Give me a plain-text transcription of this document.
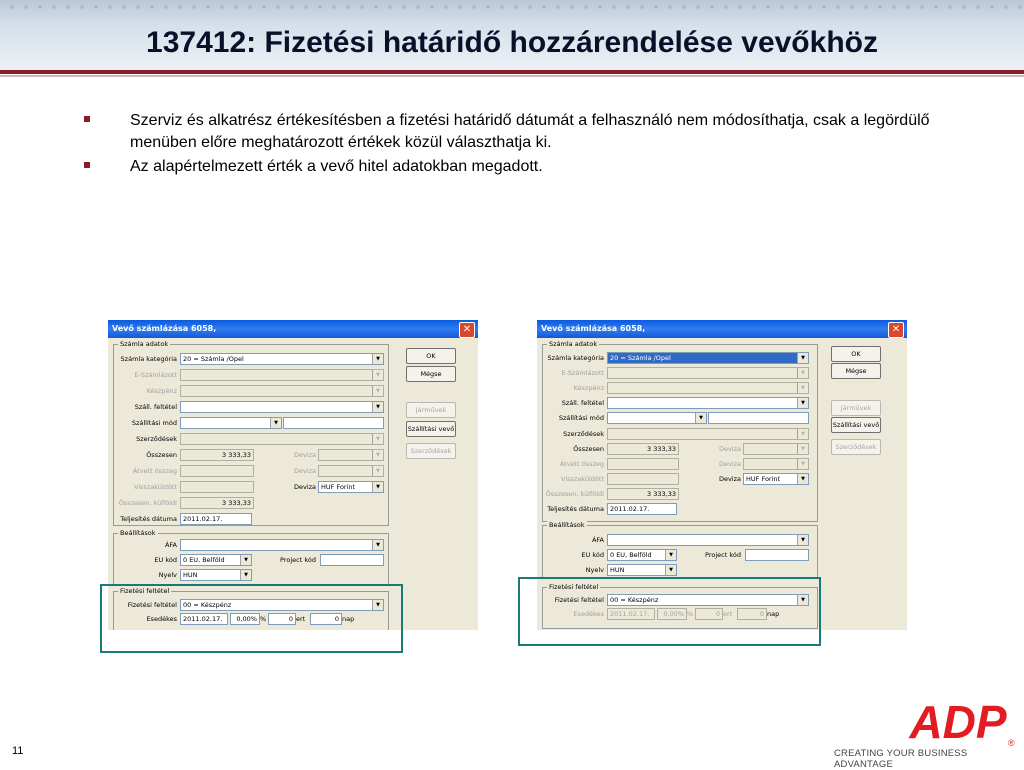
137412: Fizetési határidő hozzárendelése vevőkhöz
Szerviz és alkatrész értékesítésben a fizetési határidő dátumát a felhasználó nem módosíthatja, csak a legördülő menüben előre meghatározott értékek közül választhatja ki.
Az alapértelmezett érték a vevő hitel adatokban megadott.
Vevő számlázása 6058,	✕
Számla adatok
Számla kategória 20 = Számla /Opel	▼
E-Számlázott	▼
Készpénz	▼
Száll. feltétel	▼
Szállítási mód	▼
Szerződések	▼
Összesen	3 333,33	Deviza	▼
Átvett összeg	Deviza	▼
Visszaküldött	Deviza HUF Forint	▼
Összesen, külföldi	3 333,33
Teljesítés dátuma 2011.02.17.
Beállítások
ÁFA	▼
EU kód 0 EU, Belföld	▼	Project kód
Nyelv HUN	▼
Fizetési feltétel
Fizetési feltétel 00 = Készpénz	▼
Esedékes 2011.02.17.	0,00% %	0 ert	0 nap
OK
Mégse
Járművek
Szállítási vevő
Szerződések
Vevő számlázása 6058,	✕
Számla adatok
Számla kategória 20 = Számla /Opel	▼
E-Számlázott	▼
Készpénz	▼
Száll. feltétel	▼
Szállítási mód	▼
Szerződések	▼
Összesen	3 333,33	Deviza	▼
Átvett összeg	Deviza	▼
Visszaküldött	Deviza HUF Forint	▼
Összesen, külföldi	3 333,33
Teljesítés dátuma 2011.02.17.
Beállítások
ÁFA	▼
EU kód 0 EU, Belföld	▼	Project kód
Nyelv HUN	▼
Fizetési feltétel
Fizetési feltétel 00 = Készpénz	▼
Esedékes 2011.02.17.	0,00% %	0 ert	0 nap
OK
Mégse
Járművek
Szállítási vevő
Szerződések
11
ADP ®
CREATING YOUR BUSINESS ADVANTAGE
